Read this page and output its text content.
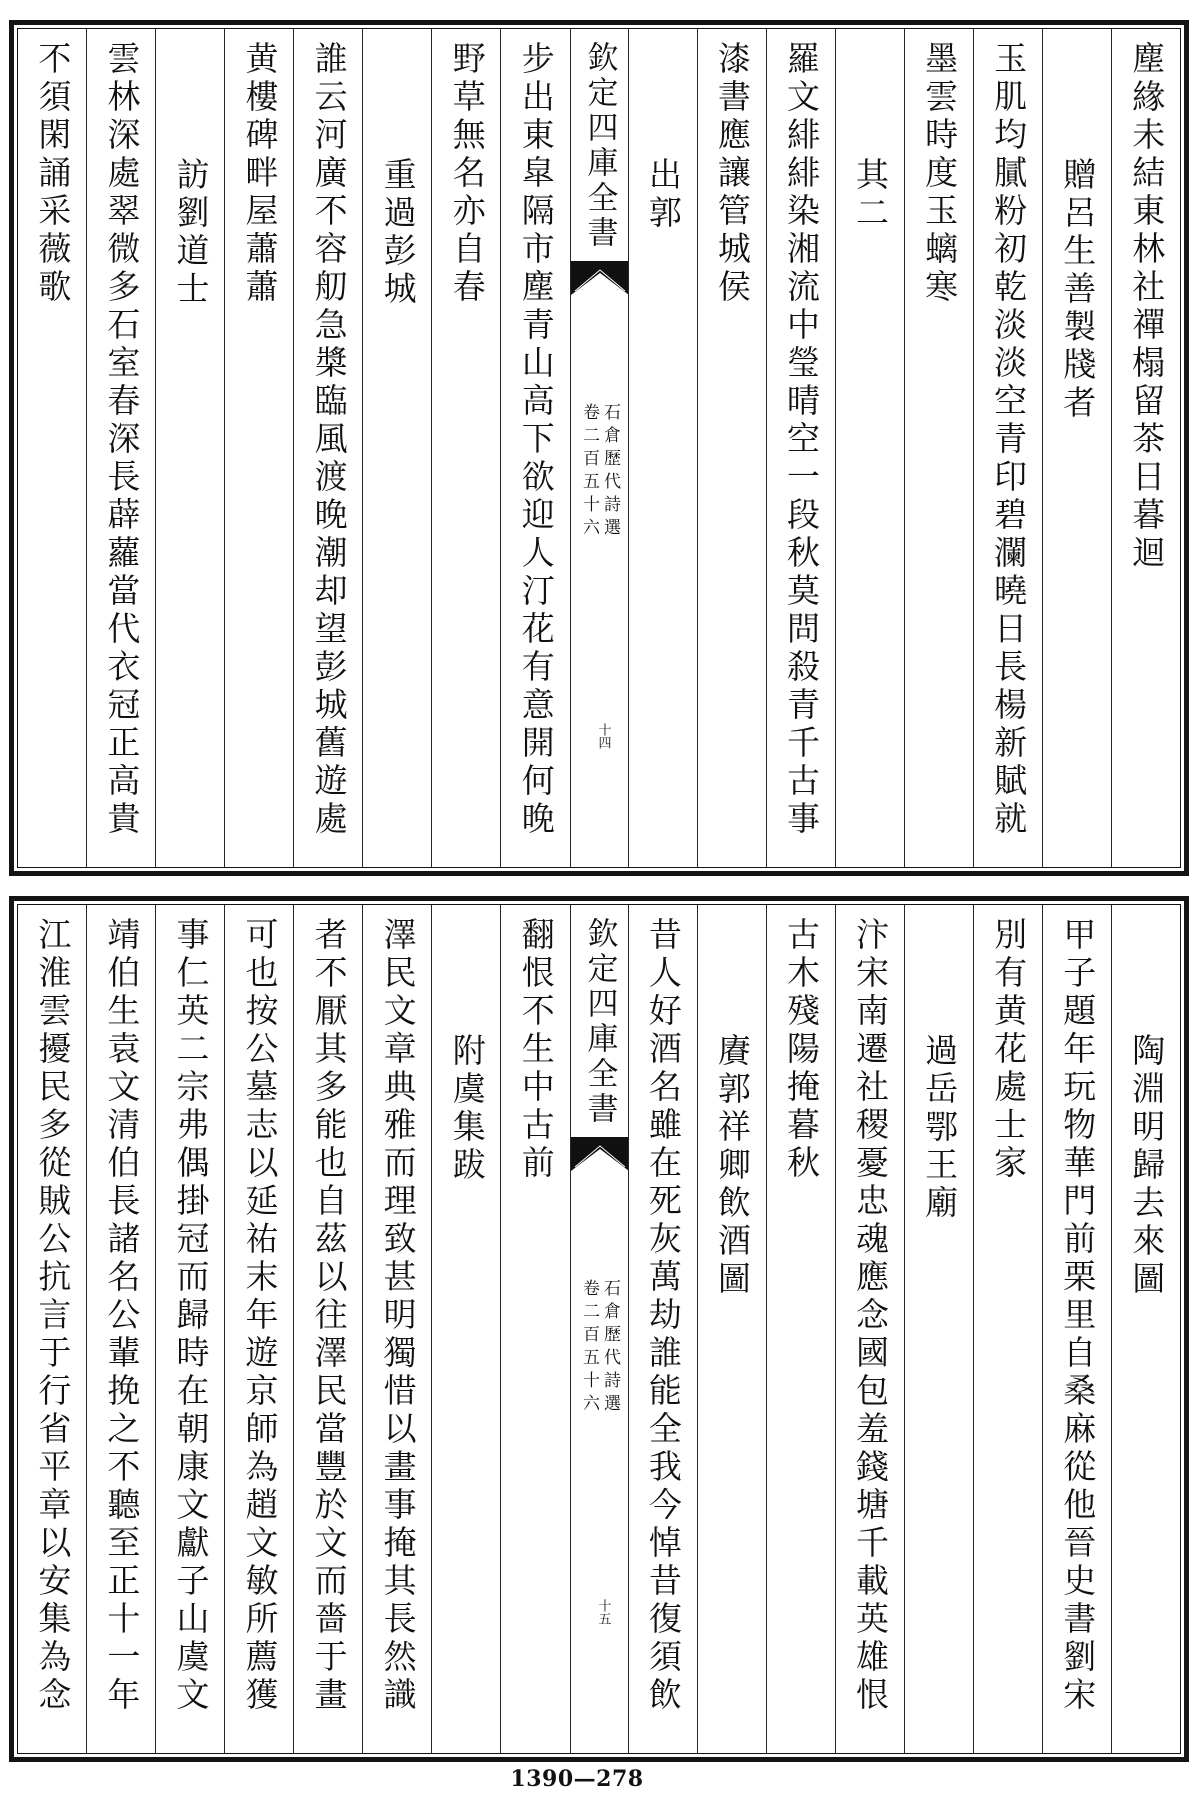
塵緣未結東林社禪榻留茶日暮迴
贈呂生善製牋者
玉肌均膩粉初乾淡淡空青印碧瀾曉日長楊新賦就
墨雲時度玉螭寒
其二
羅文緋緋染湘流中瑩晴空一段秋莫問殺青千古事
漆書應讓管城侯
出郭
欽定四庫全書
石倉歷代詩選
卷二百五十六
十四
步出東皐隔市塵青山高下欲迎人汀花有意開何晚
野草無名亦自春
重過彭城
誰云河廣不容舠急槳臨風渡晚潮却望彭城舊遊處
黄樓碑畔屋蕭蕭
訪劉道士
雲林深處翠微多石室春深長薜蘿當代衣冠正高貴
不須閑誦采薇歌
陶淵明歸去來圖
甲子題年玩物華門前栗里自桑麻從他晉史書劉宋
別有黄花處士家
過岳鄂王廟
汴宋南遷社稷憂忠魂應念國包羞錢塘千載英雄恨
古木殘陽掩暮秋
賡郭祥卿飲酒圖
昔人好酒名雖在死灰萬劫誰能全我今悼昔復須飲
欽定四庫全書
石倉歷代詩選
卷二百五十六
十五
翻恨不生中古前
附虞集跋
澤民文章典雅而理致甚明獨惜以畫事掩其長然識
者不厭其多能也自茲以往澤民當豐於文而嗇于畫
可也按公墓志以延祐末年遊京師為趙文敏所薦獲
事仁英二宗弗偶掛冠而歸時在朝康文獻子山虞文
靖伯生袁文清伯長諸名公輩挽之不聽至正十一年
江淮雲擾民多從賊公抗言于行省平章以安集為念
1390—278
